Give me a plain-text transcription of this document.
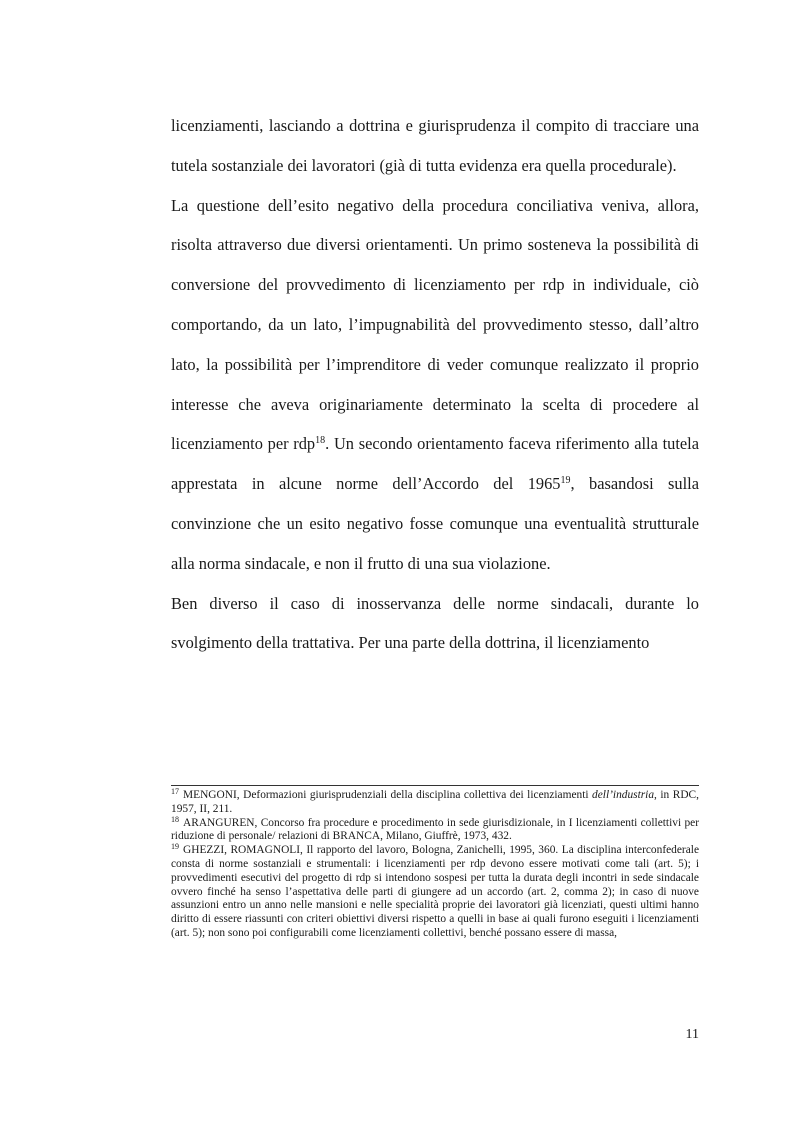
licenziamenti, lasciando a dottrina e giurisprudenza il compito di tracciare una tutela sostanziale dei lavoratori (già di tutta evidenza era quella procedurale).

La questione dell’esito negativo della procedura conciliativa veniva, allora, risolta attraverso due diversi orientamenti. Un primo sosteneva la possibilità di conversione del provvedimento di licenziamento per rdp in individuale, ciò comportando, da un lato, l’impugnabilità del provvedimento stesso, dall’altro lato, la possibilità per l’imprenditore di veder comunque realizzato il proprio interesse che aveva originariamente determinato la scelta di procedere al licenziamento per rdp$^{18}$. Un secondo orientamento faceva riferimento alla tutela apprestata in alcune norme dell’Accordo del 1965$^{19}$, basandosi sulla convinzione che un esito negativo fosse comunque una eventualità strutturale alla norma sindacale, e non il frutto di una sua violazione.

Ben diverso il caso di inosservanza delle norme sindacali, durante lo svolgimento della trattativa. Per una parte della dottrina, il licenziamento

$^{17}$ MENGONI, Deformazioni giurisprudenziali della disciplina collettiva dei licenziamenti dell’industria, in RDC, 1957, II, 211.

$^{18}$ ARANGUREN, Concorso fra procedure e procedimento in sede giurisdizionale, in I licenziamenti collettivi per riduzione di personale/ relazioni di BRANCA, Milano, Giuffrè, 1973, 432.

$^{19}$ GHEZZI, ROMAGNOLI, Il rapporto del lavoro, Bologna, Zanichelli, 1995, 360. La disciplina interconfederale consta di norme sostanziali e strumentali: i licenziamenti per rdp devono essere motivati come tali (art. 5); i provvedimenti esecutivi del progetto di rdp si intendono sospesi per tutta la durata degli incontri in sede sindacale ovvero finché ha senso l’aspettativa delle parti di giungere ad un accordo (art. 2, comma 2); in caso di nuove assunzioni entro un anno nelle mansioni e nelle specialità proprie dei lavoratori già licenziati, questi ultimi hanno diritto di essere riassunti con criteri obiettivi diversi rispetto a quelli in base ai quali furono eseguiti i licenziamenti (art. 5); non sono poi configurabili come licenziamenti collettivi, benché possano essere di massa,

11
